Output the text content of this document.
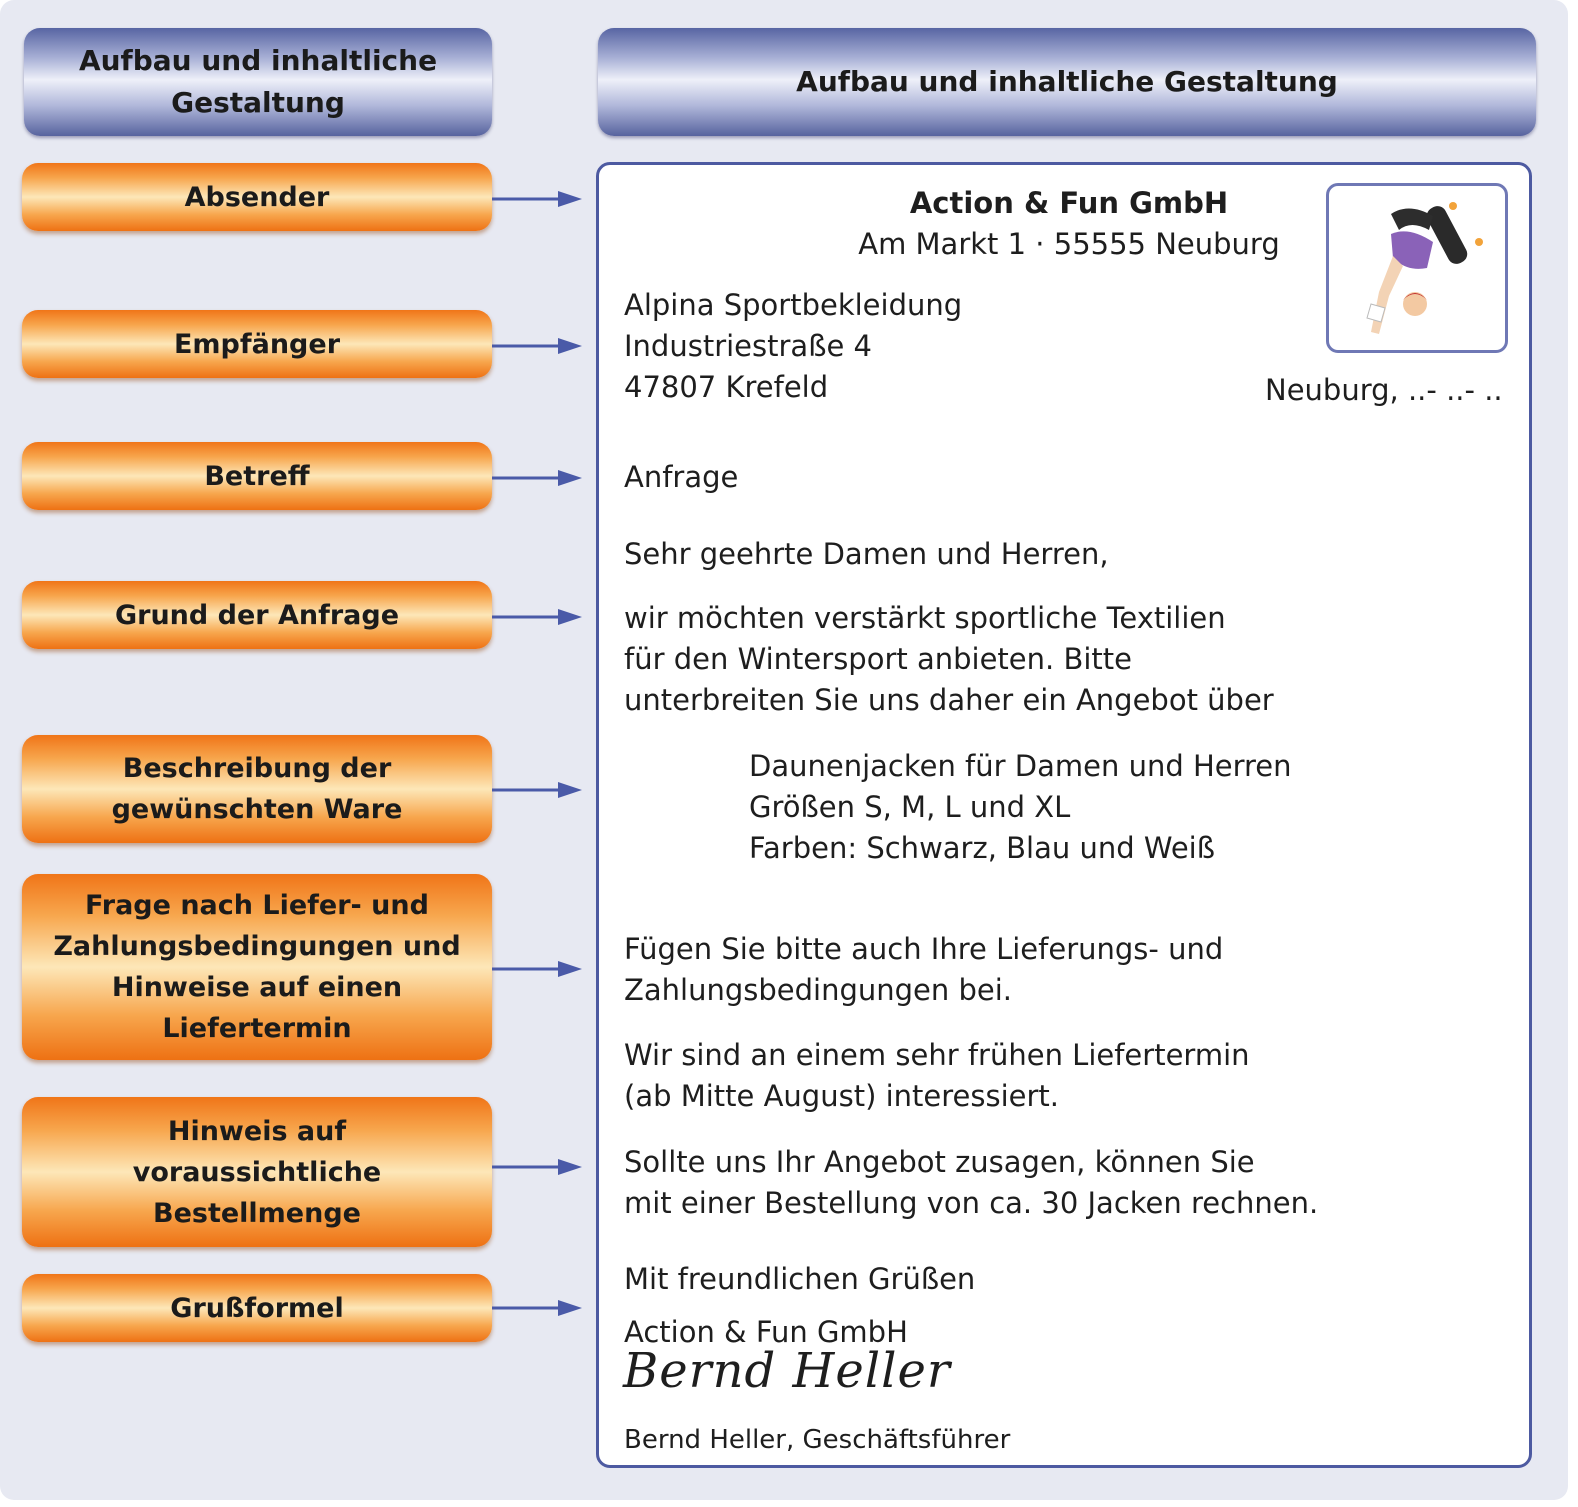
Aufbau und inhaltliche
Gestaltung
Aufbau und inhaltliche Gestaltung
Absender
Empfänger
Betreff
Grund der Anfrage
Beschreibung der
gewünschten Ware
Frage nach Liefer- und
Zahlungsbedingungen und
Hinweise auf einen
Liefertermin
Hinweis auf
voraussichtliche
Bestellmenge
Grußformel
Action & Fun GmbH
Am Markt 1 · 55555 Neuburg
Alpina Sportbekleidung
Industriestraße 4
47807 Krefeld	Neuburg, ..- ..- ..
Anfrage
Sehr geehrte Damen und Herren,
wir möchten verstärkt sportliche Textilien
für den Wintersport anbieten. Bitte
unterbreiten Sie uns daher ein Angebot über
Daunenjacken für Damen und Herren
Größen S, M, L und XL
Farben: Schwarz, Blau und Weiß
Fügen Sie bitte auch Ihre Lieferungs- und
Zahlungsbedingungen bei.
Wir sind an einem sehr frühen Liefertermin
(ab Mitte August) interessiert.
Sollte uns Ihr Angebot zusagen, können Sie
mit einer Bestellung von ca. 30 Jacken rechnen.
Mit freundlichen Grüßen
Action & Fun GmbH
Bernd Heller
Bernd Heller, Geschäftsführer
